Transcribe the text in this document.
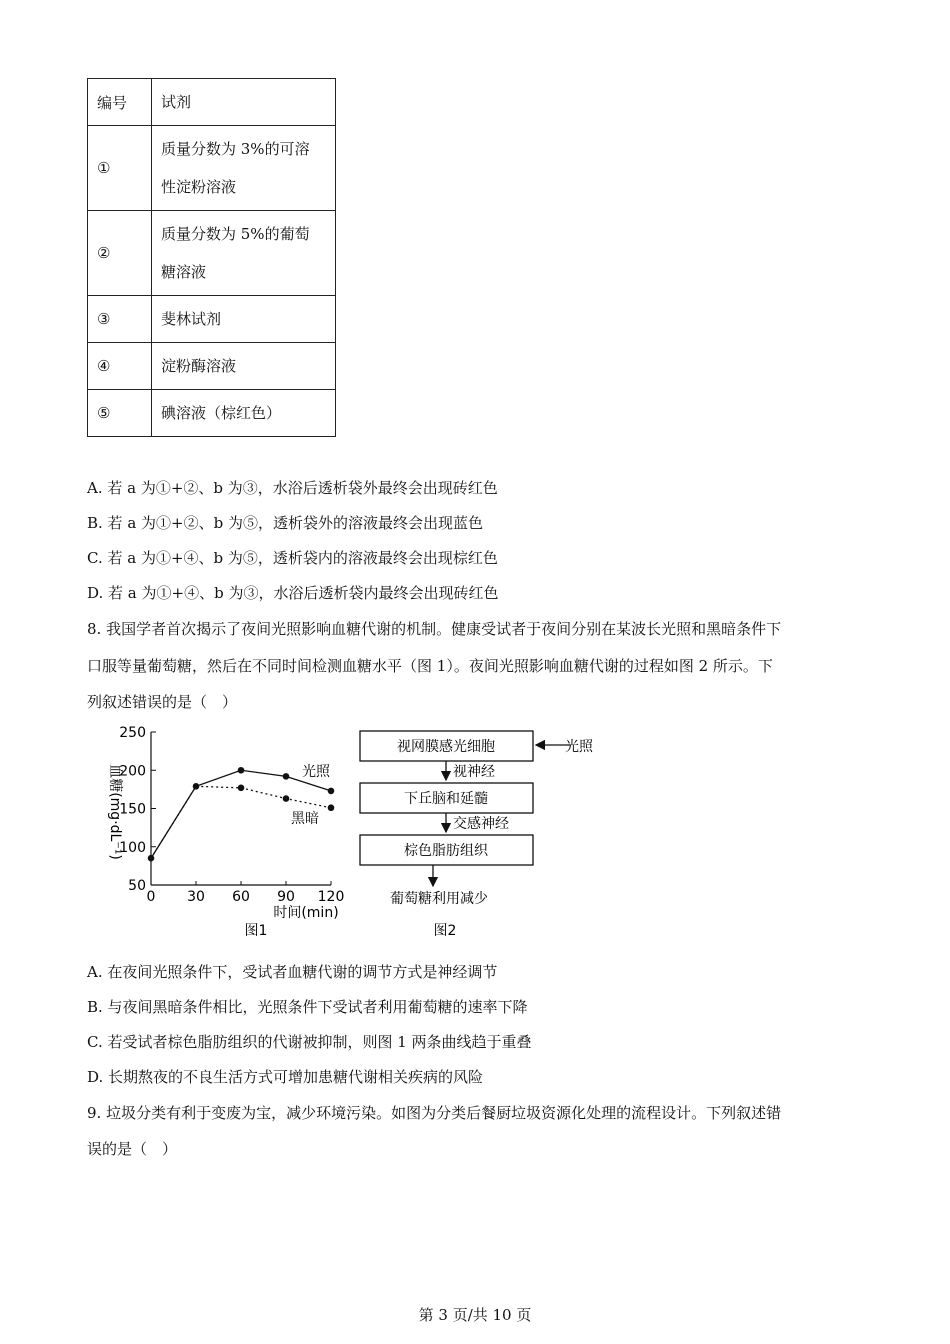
编号	试剂
①	质量分数为 3%的可溶
性淀粉溶液

②	质量分数为 5%的葡萄
糖溶液

③	斐林试剂
④	淀粉酶溶液
⑤	碘溶液（棕红色）
A. 若 a 为①+②、b 为③，水浴后透析袋外最终会出现砖红色
B. 若 a 为①+②、b 为⑤，透析袋外的溶液最终会出现蓝色
C. 若 a 为①+④、b 为⑤，透析袋内的溶液最终会出现棕红色
D. 若 a 为①+④、b 为③，水浴后透析袋内最终会出现砖红色
8. 我国学者首次揭示了夜间光照影响血糖代谢的机制。健康受试者于夜间分别在某波长光照和黑暗条件下
口服等量葡萄糖，然后在不同时间检测血糖水平（图 1）。夜间光照影响血糖代谢的过程如图 2 所示。下
列叙述错误的是（　）
50
100
150
200
250
0 30 60 90 120
血糖(mg·dL⁻¹)
时间(min)
光照
黑暗
图1
视网膜感光细胞	光照
视神经
下丘脑和延髓
交感神经
棕色脂肪组织
葡萄糖利用减少
图2
A. 在夜间光照条件下，受试者血糖代谢的调节方式是神经调节
B. 与夜间黑暗条件相比，光照条件下受试者利用葡萄糖的速率下降
C. 若受试者棕色脂肪组织的代谢被抑制，则图 1 两条曲线趋于重叠
D. 长期熬夜的不良生活方式可增加患糖代谢相关疾病的风险
9. 垃圾分类有利于变废为宝，减少环境污染。如图为分类后餐厨垃圾资源化处理的流程设计。下列叙述错
误的是（　）
第 3 页/共 10 页
